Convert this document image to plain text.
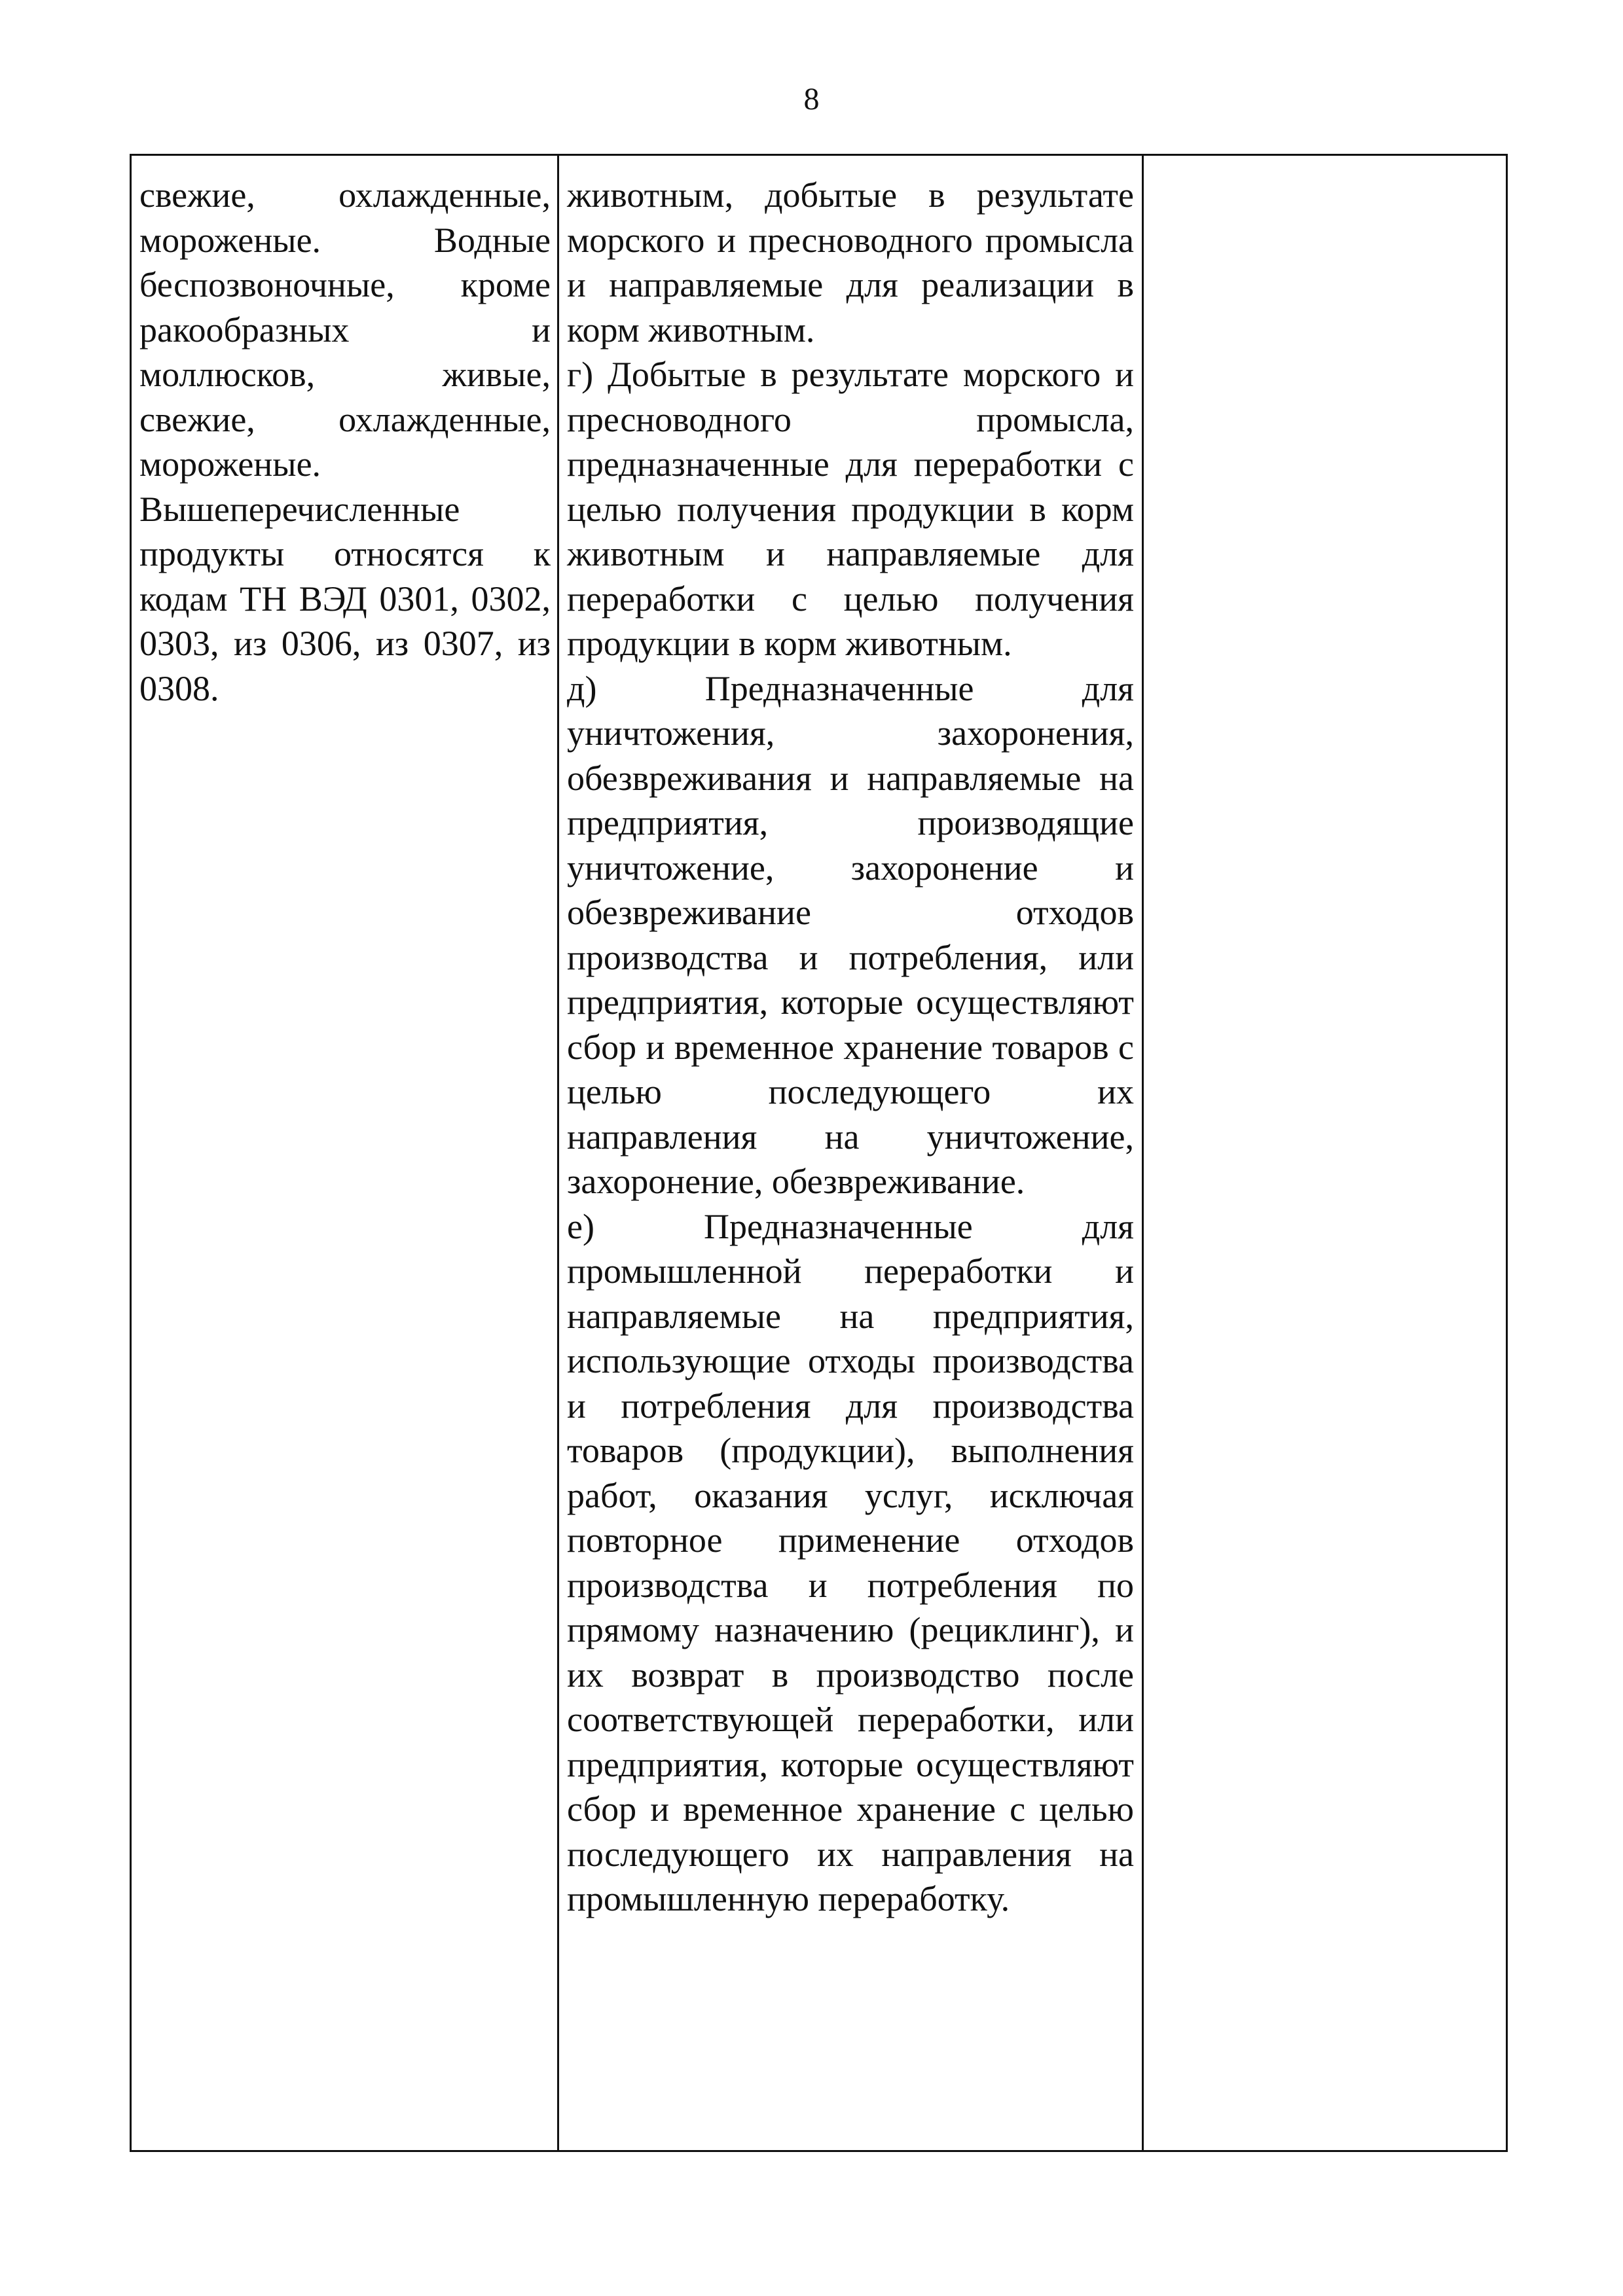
8

свежие, охлажденные, мороженые. Водные беспозвоночные, кроме ракообразных и моллюсков, живые, свежие, охлажденные, мороженые.

Вышеперечисленные продукты относятся к кодам ТН ВЭД 0301, 0302, 0303, из 0306, из 0307, из 0308.

животным, добытые в результате морского и пресноводного промысла и направляемые для реализации в корм животным.

г) Добытые в результате морского и пресноводного промысла, предназначенные для переработки с целью получения продукции в корм животным и направляемые для переработки с целью получения продукции в корм животным.

д) Предназначенные для уничтожения, захоронения, обезвреживания и направляемые на предприятия, производящие уничтожение, захоронение и обезвреживание отходов производства и потребления, или предприятия, которые осуществляют сбор и временное хранение товаров с целью последующего их направления на уничтожение, захоронение, обезвреживание.

е) Предназначенные для промышленной переработки и направляемые на предприятия, использующие отходы производства и потребления для производства товаров (продукции), выполнения работ, оказания услуг, исключая повторное применение отходов производства и потребления по прямому назначению (рециклинг), и их возврат в производство после соответствующей переработки, или предприятия, которые осуществляют сбор и временное хранение с целью последующего их направления на промышленную переработку.
